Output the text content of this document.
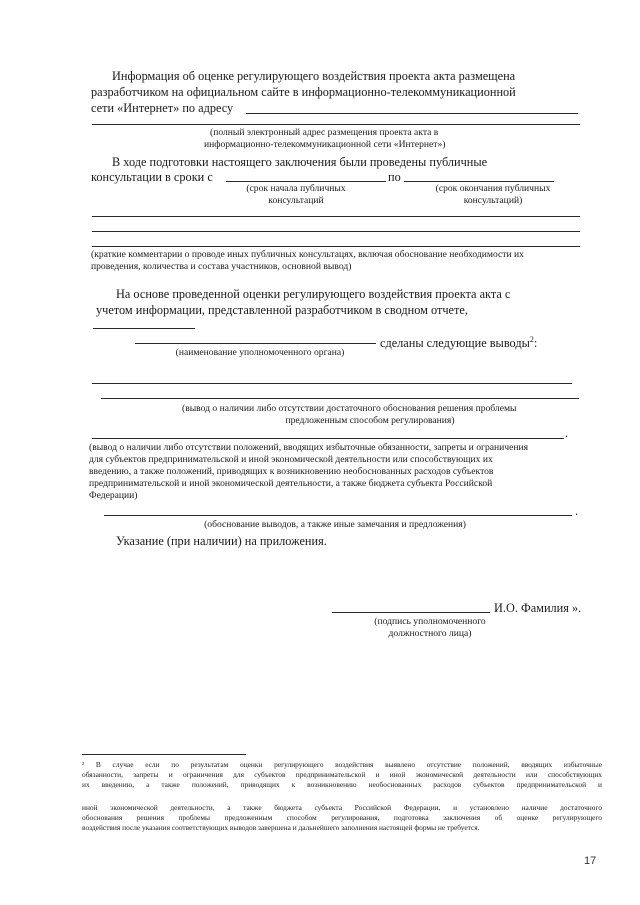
Информация об оценке регулирующего воздействия проекта акта размещена
разработчиком на официальном сайте в информационно-телекоммуникационной
сети «Интернет» по адресу
(полный электронный адрес размещения проекта акта в
информационно-телекоммуникационной сети «Интернет»)
В ходе подготовки настоящего заключения были проведены публичные
консультации в сроки с	по
(срок начала публичных
консультаций
(срок окончания публичных
консультаций)
(краткие комментарии о проводе иных публичных консультацях, включая обоснование необходимости их
проведения, количества и состава участников, основной вывод)
На основе проведенной оценки регулирующего воздействия проекта акта с
учетом информации, представленной разработчиком в сводном отчете,
сделаны следующие выводы$^2$:
(наименование уполномоченного органа)
(вывод о наличии либо отсутствии достаточного обоснования решения проблемы
предложенным способом регулирования)
.
(вывод о наличии либо отсутствии положений, вводящих избыточные обязанности, запреты и ограничения
для субъектов предпринимательской и иной экономической деятельности или способствующих их
введению, а также положений, приводящих к возникновению необоснованных расходов субъектов
предпринимательской и иной экономической деятельности, а также бюджета субъекта Российской
Федерации)
.
(обоснование выводов, а также иные замечания и предложения)
Указание (при наличии) на приложения.
И.О. Фамилия ».
(подпись уполномоченного
должностного лица)
² В случае если по результатам оценки регулирующего воздействия выявлено отсутствие положений, вводящих избыточные
обязанности, запреты и ограничения для субъектов предпринимательской и иной экономической деятельности или способствующих
их введению, а также положений, приводящих к возникновению необоснованных расходов субъектов предпринимательской и
иной экономической деятельности, а также бюджета субъекта Российской Федерации, и установлено наличие достаточного
обоснования решения проблемы предложенным способом регулирования, подготовка заключения об оценке регулирующего
воздействия после указания соответствующих выводов завершена и дальнейшего заполнения настоящей формы не требуется.
17
